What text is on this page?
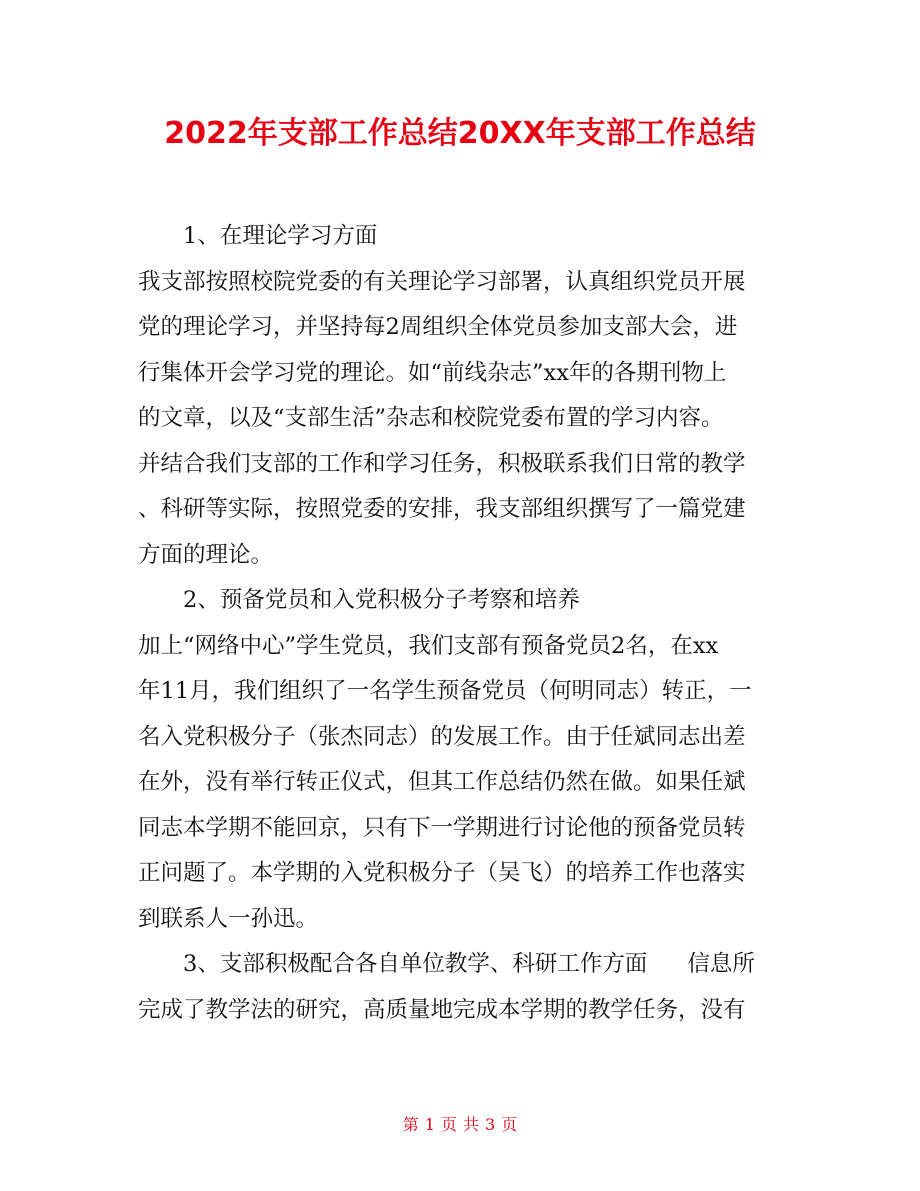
2022年支部工作总结20XX年支部工作总结
1、在理论学习方面
我支部按照校院党委的有关理论学习部署，认真组织党员开展
党的理论学习，并坚持每2周组织全体党员参加支部大会，进
行集体开会学习党的理论。如“前线杂志”xx年的各期刊物上
的文章，以及“支部生活”杂志和校院党委布置的学习内容。
并结合我们支部的工作和学习任务，积极联系我们日常的教学
、科研等实际，按照党委的安排，我支部组织撰写了一篇党建
方面的理论。
2、预备党员和入党积极分子考察和培养
加上“网络中心”学生党员，我们支部有预备党员2名，在xx
年11月，我们组织了一名学生预备党员（何明同志）转正，一
名入党积极分子（张杰同志）的发展工作。由于任斌同志出差
在外，没有举行转正仪式，但其工作总结仍然在做。如果任斌
同志本学期不能回京，只有下一学期进行讨论他的预备党员转
正问题了。本学期的入党积极分子（吴飞）的培养工作也落实
到联系人一孙迅。
3、支部积极配合各自单位教学、科研工作方面 信息所
完成了教学法的研究，高质量地完成本学期的教学任务，没有
第 1 页 共 3 页
